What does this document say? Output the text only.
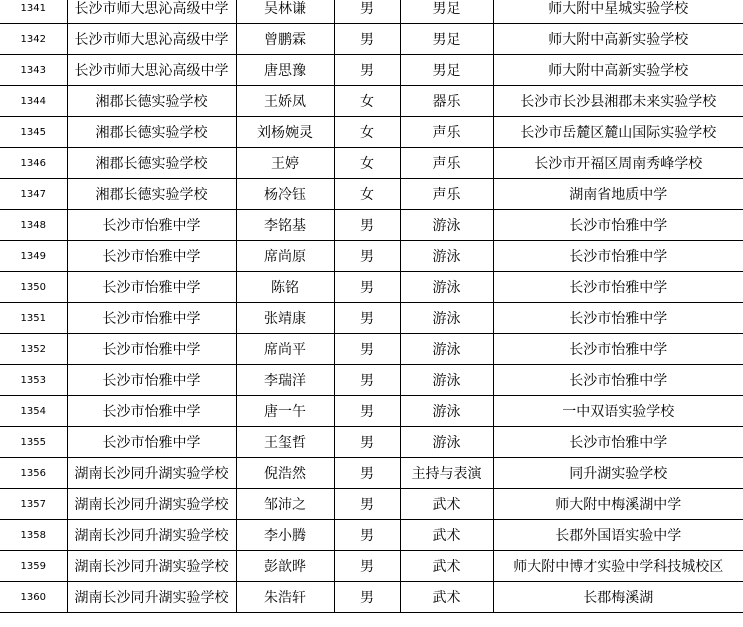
1341	长沙市师大思沁高级中学	吴林谦	男	男足	师大附中星城实验学校
1342	长沙市师大思沁高级中学	曾鹏霖	男	男足	师大附中高新实验学校
1343	长沙市师大思沁高级中学	唐思豫	男	男足	师大附中高新实验学校
1344	湘郡长德实验学校	王娇凤	女	器乐	长沙市长沙县湘郡未来实验学校
1345	湘郡长德实验学校	刘杨婉灵	女	声乐	长沙市岳麓区麓山国际实验学校
1346	湘郡长德实验学校	王婷	女	声乐	长沙市开福区周南秀峰学校
1347	湘郡长德实验学校	杨冷钰	女	声乐	湖南省地质中学
1348	长沙市怡雅中学	李铭基	男	游泳	长沙市怡雅中学
1349	长沙市怡雅中学	席尚原	男	游泳	长沙市怡雅中学
1350	长沙市怡雅中学	陈铭	男	游泳	长沙市怡雅中学
1351	长沙市怡雅中学	张靖康	男	游泳	长沙市怡雅中学
1352	长沙市怡雅中学	席尚平	男	游泳	长沙市怡雅中学
1353	长沙市怡雅中学	李瑞洋	男	游泳	长沙市怡雅中学
1354	长沙市怡雅中学	唐一午	男	游泳	一中双语实验学校
1355	长沙市怡雅中学	王玺哲	男	游泳	长沙市怡雅中学
1356	湖南长沙同升湖实验学校	倪浩然	男	主持与表演	同升湖实验学校
1357	湖南长沙同升湖实验学校	邹沛之	男	武术	师大附中梅溪湖中学
1358	湖南长沙同升湖实验学校	李小腾	男	武术	长郡外国语实验中学
1359	湖南长沙同升湖实验学校	彭歆晔	男	武术	师大附中博才实验中学科技城校区
1360	湖南长沙同升湖实验学校	朱浩轩	男	武术	长郡梅溪湖
